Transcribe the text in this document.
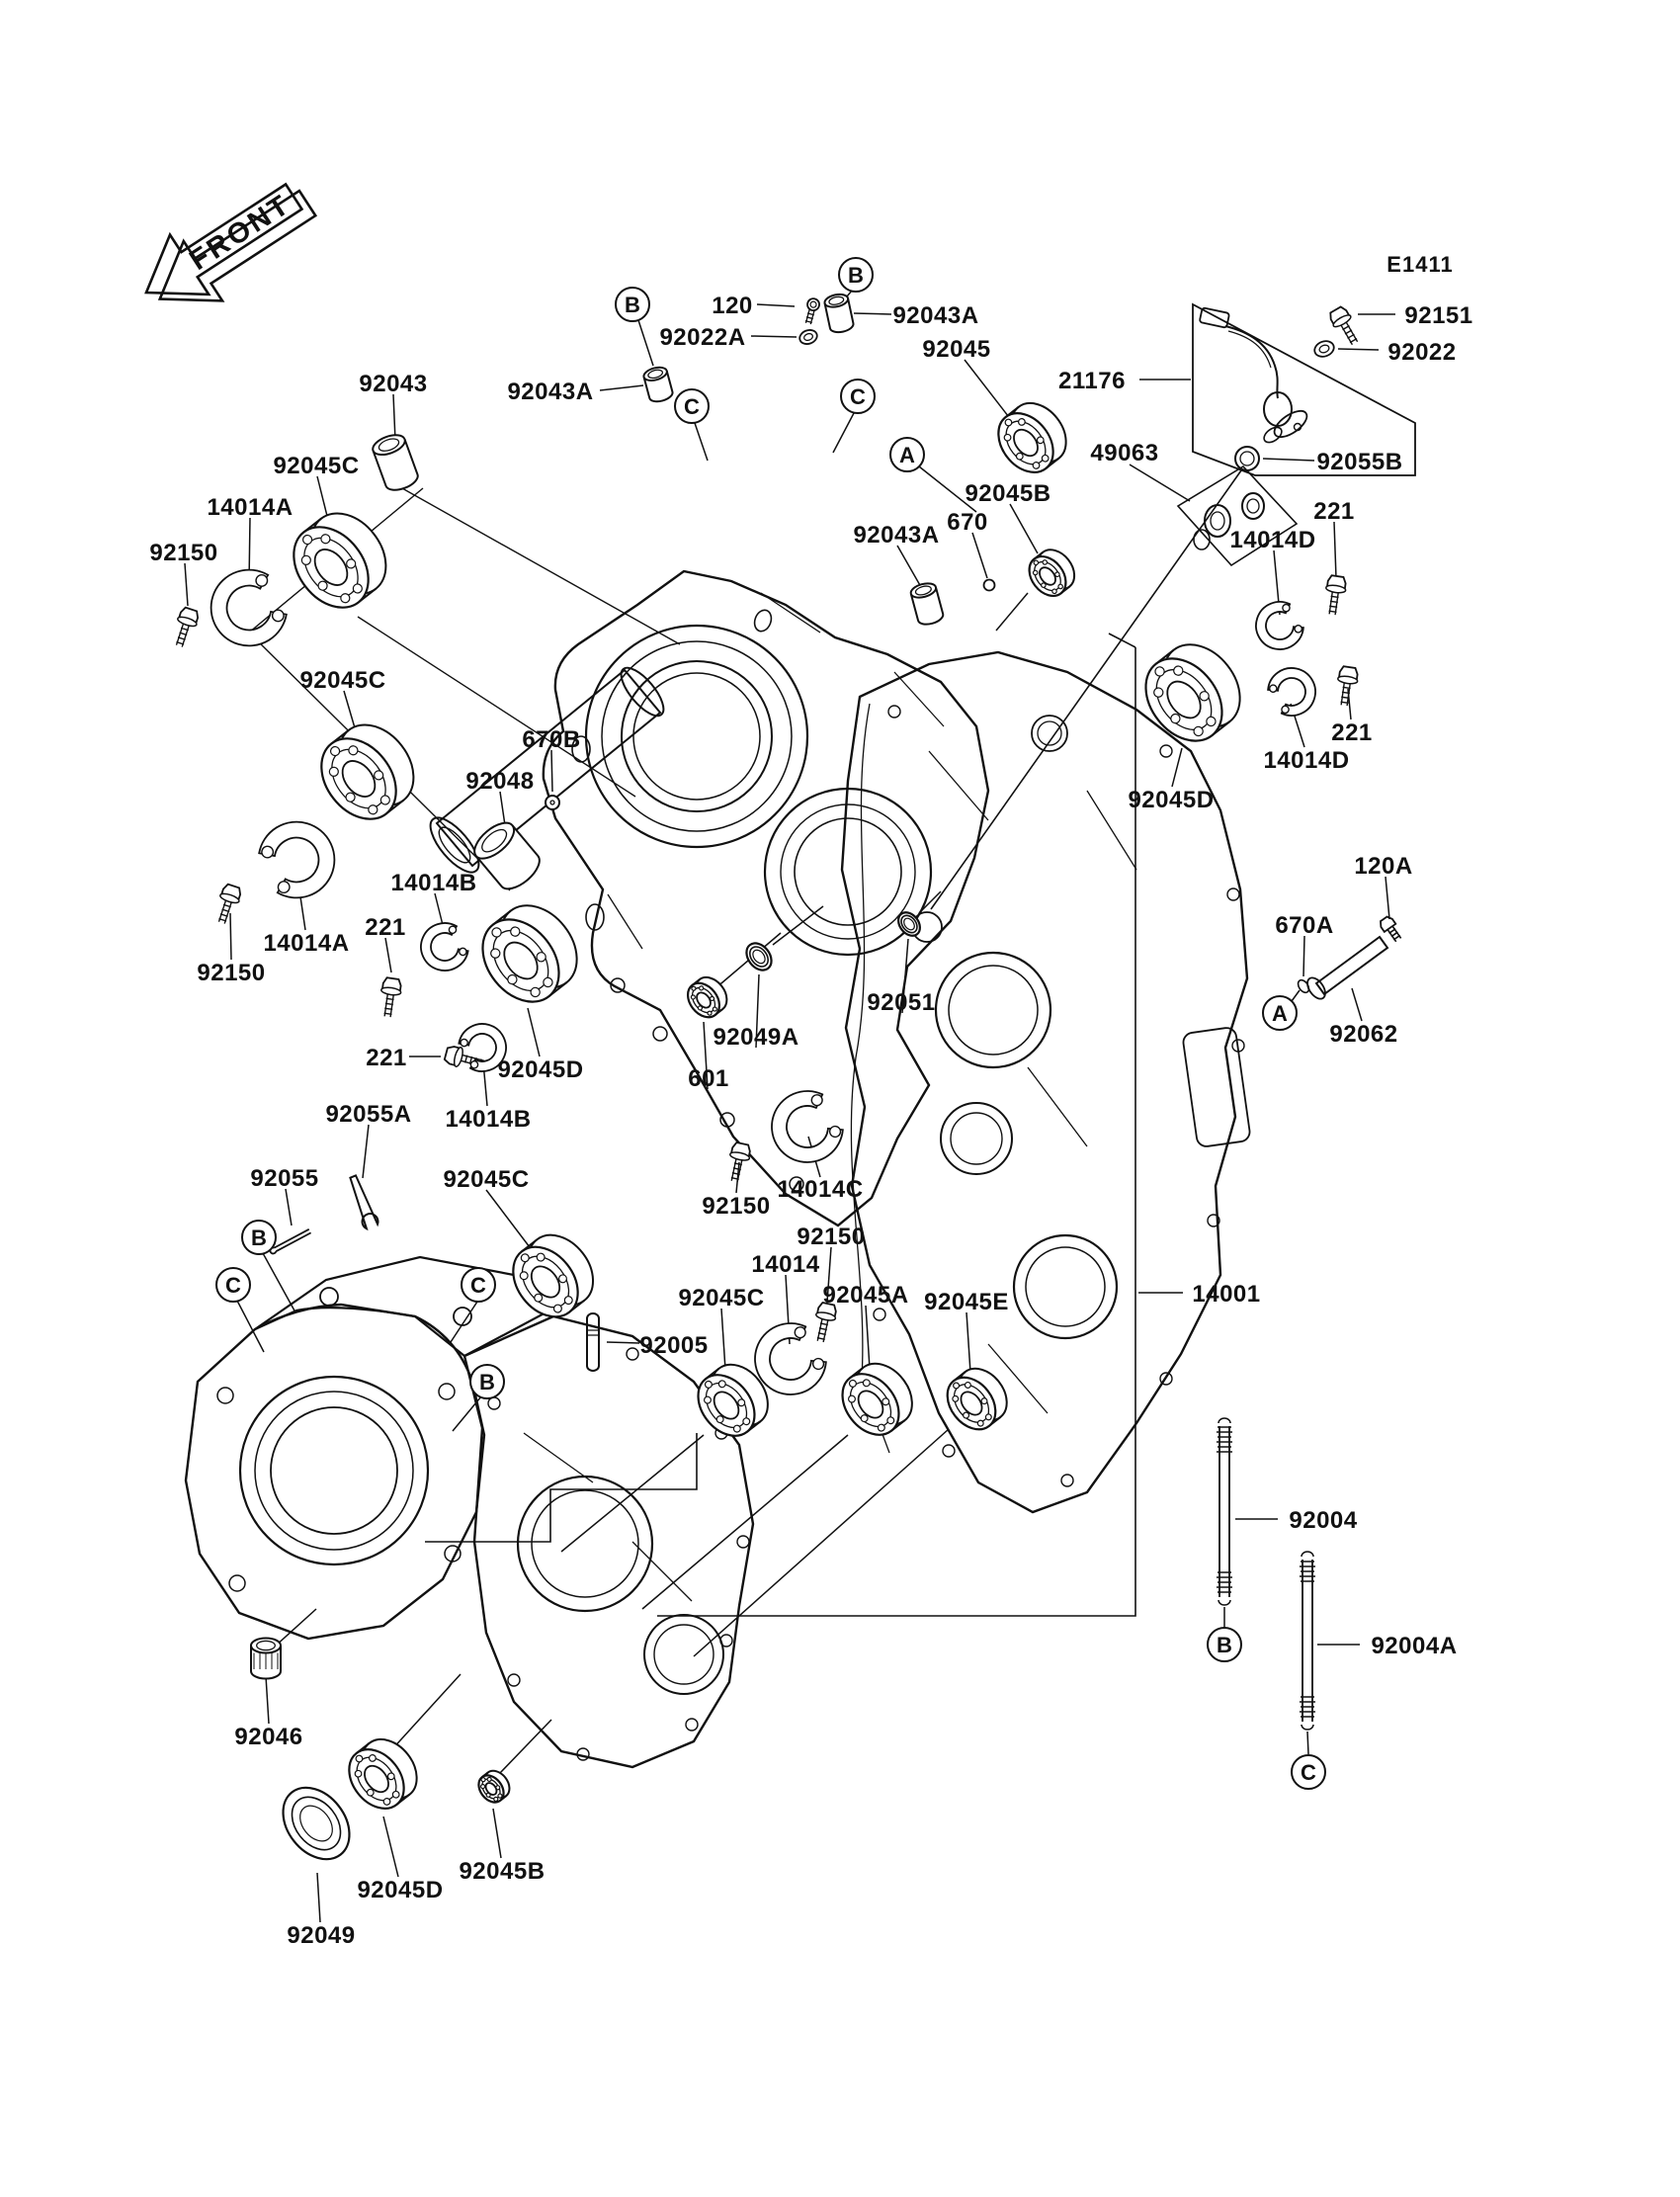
FRONT	E1411
120
92022A
92043	92043A
92043A
92045
21176
92151
92022
92055B
49063
92045B
670
92043A
221
14014D
221
14014D
92045D
92045C
14014A
92150
92045C
670B
92048
14014A
92150
14014B
221
221	92045D
14014B
92055A
92055
92049A
601
92051
14014C
92150
92150
14014
92045C
92045C
92005
92045A 92045E	14001
92004
92004A
92046
92045D
92045B
92049
120A
670A
92062
B
B
C	C
A
A
B
C	C
B
B
C
